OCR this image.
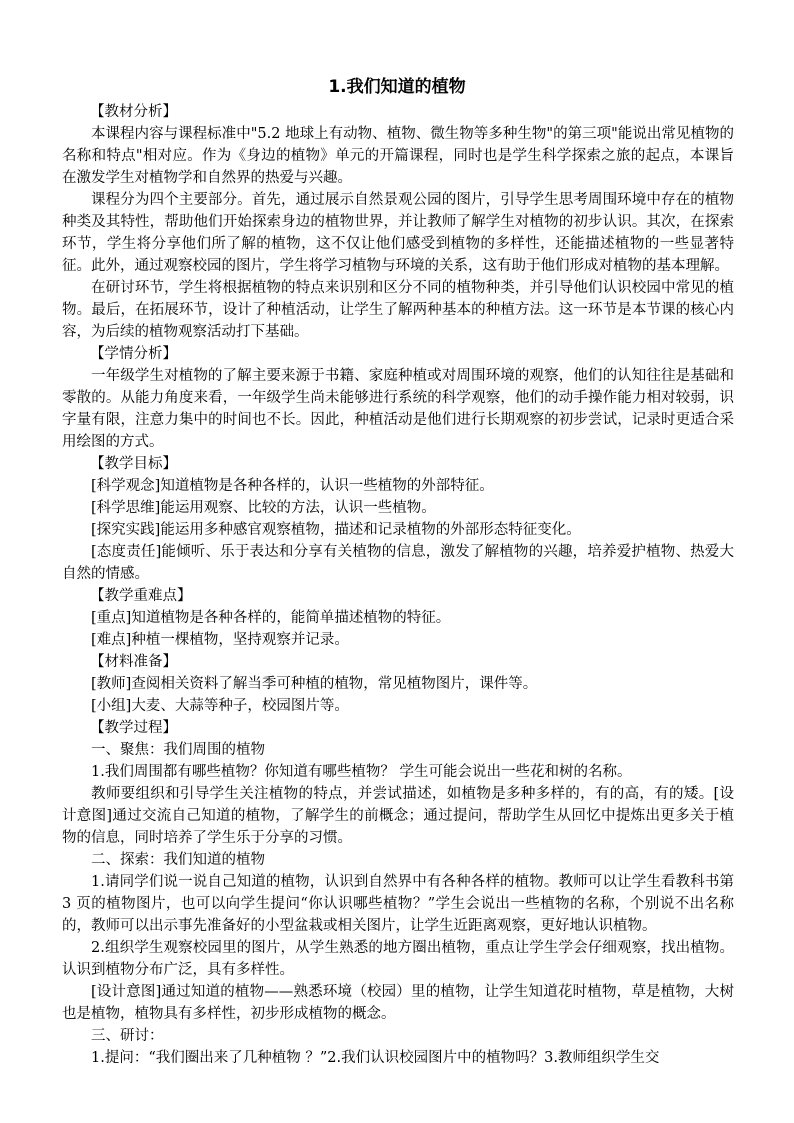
1.我们知道的植物

【教材分析】

本课程内容与课程标准中"5.2 地球上有动物、植物、微生物等多种生物"的第三项"能说出常见植物的名称和特点"相对应。作为《身边的植物》单元的开篇课程，同时也是学生科学探索之旅的起点，本课旨在激发学生对植物学和自然界的热爱与兴趣。

课程分为四个主要部分。首先，通过展示自然景观公园的图片，引导学生思考周围环境中存在的植物种类及其特性，帮助他们开始探索身边的植物世界，并让教师了解学生对植物的初步认识。其次，在探索环节，学生将分享他们所了解的植物，这不仅让他们感受到植物的多样性，还能描述植物的一些显著特征。此外，通过观察校园的图片，学生将学习植物与环境的关系，这有助于他们形成对植物的基本理解。

在研讨环节，学生将根据植物的特点来识别和区分不同的植物种类，并引导他们认识校园中常见的植物。最后，在拓展环节，设计了种植活动，让学生了解两种基本的种植方法。这一环节是本节课的核心内容，为后续的植物观察活动打下基础。

【学情分析】

一年级学生对植物的了解主要来源于书籍、家庭种植或对周围环境的观察，他们的认知往往是基础和零散的。从能力角度来看，一年级学生尚未能够进行系统的科学观察，他们的动手操作能力相对较弱，识字量有限，注意力集中的时间也不长。因此，种植活动是他们进行长期观察的初步尝试，记录时更适合采用绘图的方式。

【教学目标】

[科学观念]知道植物是各种各样的，认识一些植物的外部特征。

[科学思维]能运用观察、比较的方法，认识一些植物。

[探究实践]能运用多种感官观察植物，描述和记录植物的外部形态特征变化。

[态度责任]能倾听、乐于表达和分享有关植物的信息，激发了解植物的兴趣，培养爱护植物、热爱大自然的情感。

【教学重难点】

[重点]知道植物是各种各样的，能简单描述植物的特征。

[难点]种植一棵植物，坚持观察并记录。

【材料准备】

[教师]查阅相关资料了解当季可种植的植物，常见植物图片，课件等。

[小组]大麦、大蒜等种子，校园图片等。

【教学过程】

一、聚焦：我们周围的植物

1.我们周围都有哪些植物？你知道有哪些植物？ 学生可能会说出一些花和树的名称。

教师要组织和引导学生关注植物的特点，并尝试描述，如植物是多种多样的，有的高，有的矮。[设计意图]通过交流自己知道的植物，了解学生的前概念；通过提问，帮助学生从回忆中提炼出更多关于植物的信息，同时培养了学生乐于分享的习惯。

二、探索：我们知道的植物

1.请同学们说一说自己知道的植物，认识到自然界中有各种各样的植物。教师可以让学生看教科书第 3 页的植物图片，也可以向学生提问“你认识哪些植物？”学生会说出一些植物的名称，个别说不出名称的，教师可以出示事先准备好的小型盆栽或相关图片，让学生近距离观察，更好地认识植物。

2.组织学生观察校园里的图片，从学生熟悉的地方圈出植物，重点让学生学会仔细观察，找出植物。认识到植物分布广泛，具有多样性。

[设计意图]通过知道的植物——熟悉环境（校园）里的植物，让学生知道花时植物，草是植物，大树也是植物，植物具有多样性，初步形成植物的概念。

三、研讨：

1.提问：“我们圈出来了几种植物 ？”2.我们认识校园图片中的植物吗？3.教师组织学生交
